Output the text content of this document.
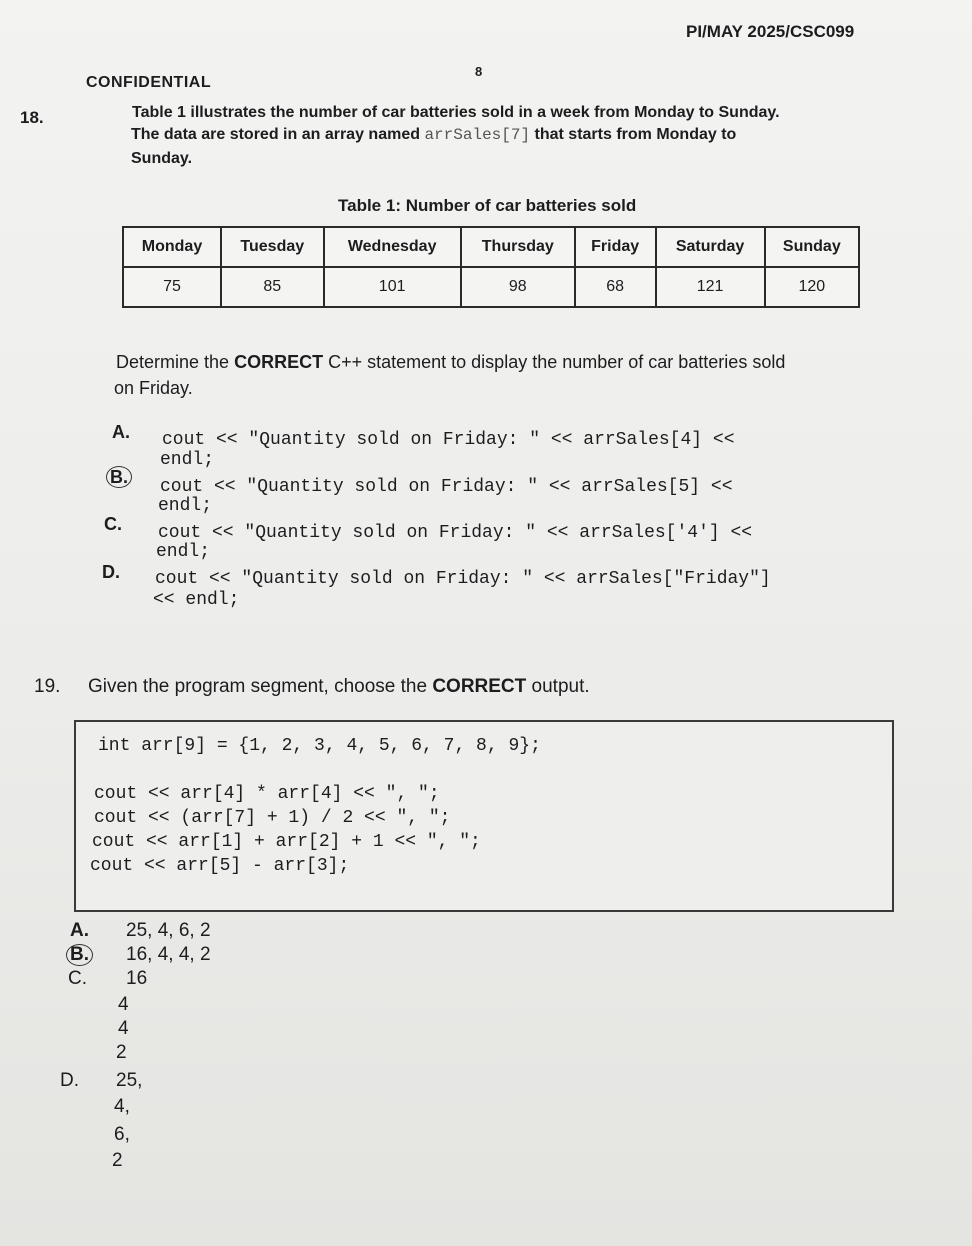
PI/MAY 2025/CSC099
CONFIDENTIAL
8
18.	Table 1 illustrates the number of car batteries sold in a week from Monday to Sunday.
The data are stored in an array named arrSales[7] that starts from Monday to
Sunday.
Table 1: Number of car batteries sold
Monday	Tuesday	Wednesday	Thursday	Friday	Saturday	Sunday
75	85	101	98	68	121	120
Determine the CORRECT C++ statement to display the number of car batteries sold
on Friday.
A. cout << "Quantity sold on Friday: " << arrSales[4] <<
endl;
B. cout << "Quantity sold on Friday: " << arrSales[5] <<
endl;
C. cout << "Quantity sold on Friday: " << arrSales['4'] <<
endl;
D. cout << "Quantity sold on Friday: " << arrSales["Friday"]
<< endl;
19. Given the program segment, choose the CORRECT output.
int arr[9] = {1, 2, 3, 4, 5, 6, 7, 8, 9};
cout << arr[4] * arr[4] << ", ";
cout << (arr[7] + 1) / 2 << ", ";
cout << arr[1] + arr[2] + 1 << ", ";
cout << arr[5] - arr[3];
A. 25, 4, 6, 2
B. 16, 4, 4, 2
C. 16
4
4
2
D. 25,
4,
6,
2
